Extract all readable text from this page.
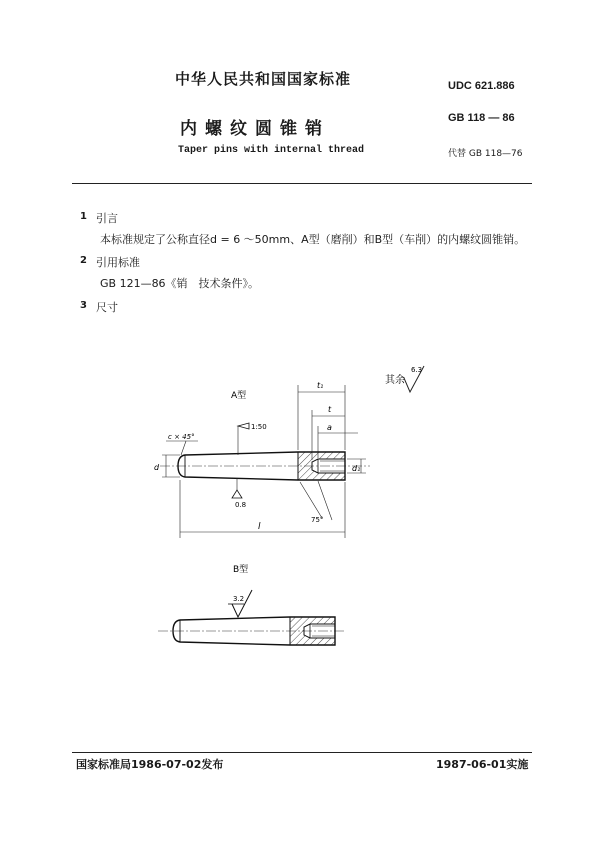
中华人民共和国国家标准
内螺纹圆锥销
Taper pins with internal thread
UDC 621.886
GB 118 — 86
代替 GB 118—76
1 引言
本标准规定了公称直径d = 6 ～50mm、A型（磨削）和B型（车削）的内螺纹圆锥销。
2 引用标准
GB 121—86《销　技术条件》。
3 尺寸
其余
6.3
A型
1:50
0.8
c × 45°
d
t₁
t
a
d₁
l
75°
B型
3.2
国家标准局1986-07-02发布	1987-06-01实施
